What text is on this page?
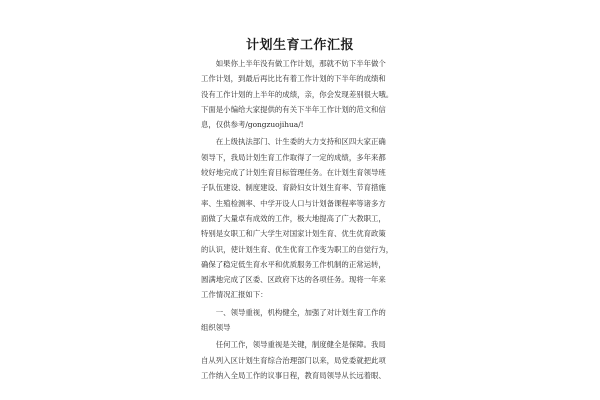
计划生育工作汇报

　　如果你上半年没有做工作计划，那就不妨下半年做个

工作计划，到最后再比比有着工作计划的下半年的成绩和

没有工作计划的上半年的成绩，亲，你会发现差别很大哦。

下面是小编给大家提供的有关下半年工作计划的范文和信

息，仅供参考/gongzuojihua/!

　　在上级执法部门、计生委的大力支持和区四大家正确

领导下，我局计划生育工作取得了一定的成绩，多年来都

较好地完成了计划生育目标管理任务。在计划生育领导班

子队伍建设、制度建设、育龄妇女计划生育率、节育措施

率、生殖检测率、中学开设人口与计划备课程率等诸多方

面做了大量卓有成效的工作，极大地提高了广大教职工，

特别是女职工和广大学生对国家计划生育、优生优育政策

的认识，使计划生育、优生优育工作变为职工的自觉行为，

确保了稳定低生育水平和优质服务工作机制的正常运转，

圆满地完成了区委、区政府下达的各项任务。现将一年来

工作情况汇报如下：

　　一、领导重视，机构健全，加强了对计划生育工作的

组织领导

　　任何工作，领导重视是关键，制度健全是保障。我局

自从列入区计划生育综合治理部门以来，局党委就把此项

工作纳入全局工作的议事日程，教育局领导从长远着眼、
